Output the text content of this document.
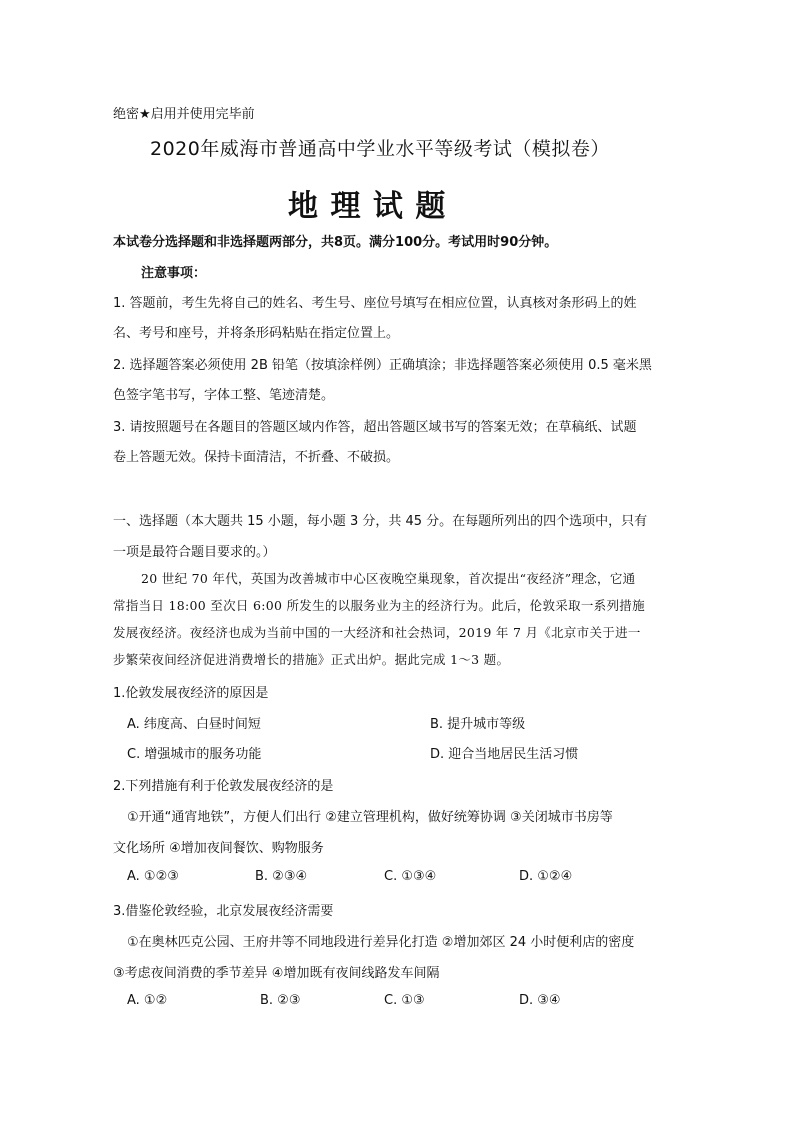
绝密★启用并使用完毕前
2020年威海市普通高中学业水平等级考试（模拟卷）
地 理 试 题
本试卷分选择题和非选择题两部分，共8页。满分100分。考试用时90分钟。
注意事项：
1. 答题前，考生先将自己的姓名、考生号、座位号填写在相应位置，认真核对条形码上的姓
名、考号和座号，并将条形码粘贴在指定位置上。
2. 选择题答案必须使用 2B 铅笔（按填涂样例）正确填涂；非选择题答案必须使用 0.5 毫米黑
色签字笔书写，字体工整、笔迹清楚。
3. 请按照题号在各题目的答题区域内作答，超出答题区域书写的答案无效；在草稿纸、试题
卷上答题无效。保持卡面清洁，不折叠、不破损。
一、选择题（本大题共 15 小题，每小题 3 分，共 45 分。在每题所列出的四个选项中，只有
一项是最符合题目要求的。）
20 世纪 70 年代，英国为改善城市中心区夜晚空巢现象，首次提出“夜经济”理念，它通
常指当日 18:00 至次日 6:00 所发生的以服务业为主的经济行为。此后，伦敦采取一系列措施
发展夜经济。夜经济也成为当前中国的一大经济和社会热词，2019 年 7 月《北京市关于进一
步繁荣夜间经济促进消费增长的措施》正式出炉。据此完成 1～3 题。
1.伦敦发展夜经济的原因是
A. 纬度高、白昼时间短	B. 提升城市等级
C. 增强城市的服务功能	D. 迎合当地居民生活习惯
2.下列措施有利于伦敦发展夜经济的是
①开通“通宵地铁”，方便人们出行 ②建立管理机构，做好统筹协调 ③关闭城市书房等
文化场所 ④增加夜间餐饮、购物服务
A. ①②③	B. ②③④	C. ①③④	D. ①②④
3.借鉴伦敦经验，北京发展夜经济需要
①在奥林匹克公园、王府井等不同地段进行差异化打造 ②增加郊区 24 小时便利店的密度
③考虑夜间消费的季节差异 ④增加既有夜间线路发车间隔
A. ①②	B. ②③	C. ①③	D. ③④
